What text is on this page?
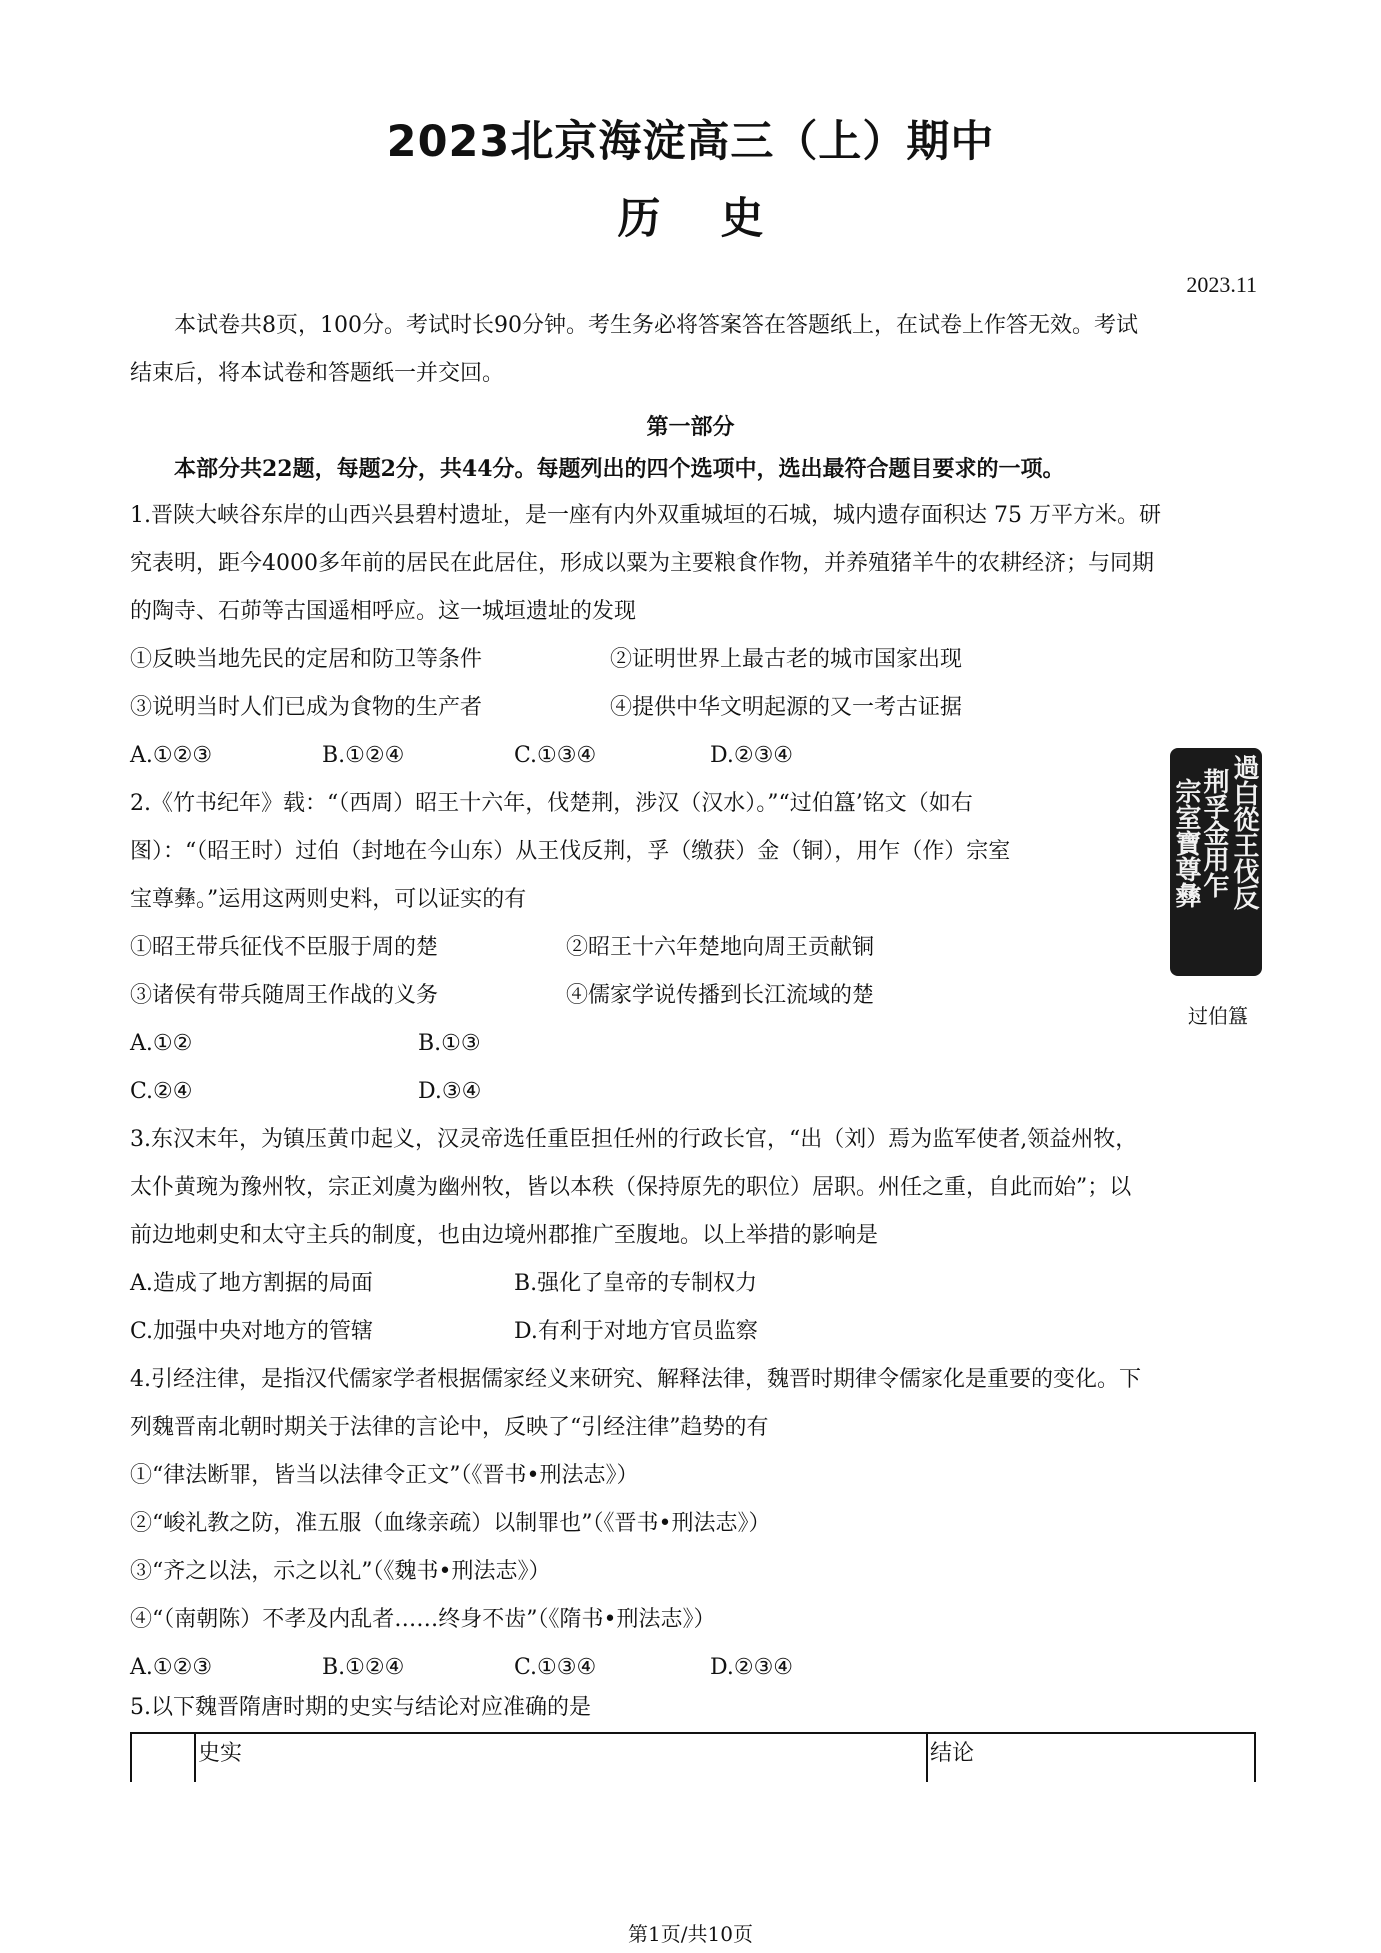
2023北京海淀高三（上）期中
历史
2023.11
本试卷共8页，100分。考试时长90分钟。考生务必将答案答在答题纸上，在试卷上作答无效。考试
结束后，将本试卷和答题纸一并交回。
第一部分
本部分共22题，每题2分，共44分。每题列出的四个选项中，选出最符合题目要求的一项。
1.晋陕大峡谷东岸的山西兴县碧村遗址，是一座有内外双重城垣的石城，城内遗存面积达 75 万平方米。研
究表明，距今4000多年前的居民在此居住，形成以粟为主要粮食作物，并养殖猪羊牛的农耕经济；与同期
的陶寺、石茆等古国遥相呼应。这一城垣遗址的发现
①反映当地先民的定居和防卫等条件	②证明世界上最古老的城市国家出现
③说明当时人们已成为食物的生产者	④提供中华文明起源的又一考古证据
A.①②③	B.①②④	C.①③④	D.②③④
2.《竹书纪年》载：“（西周）昭王十六年，伐楚荆，涉汉（汉水）。”“过伯簋’铭文（如右
图）：“（昭王时）过伯（封地在今山东）从王伐反荆，孚（缴获）金（铜），用乍（作）宗室
宝尊彝。”运用这两则史料，可以证实的有
①昭王带兵征伐不臣服于周的楚	②昭王十六年楚地向周王贡献铜
③诸侯有带兵随周王作战的义务	④儒家学说传播到长江流域的楚
A.①②	B.①③
C.②④	D.③④
過白從王伐反
荆孚金用乍
宗室寶尊彝
过伯簋
3.东汉末年，为镇压黄巾起义，汉灵帝选任重臣担任州的行政长官，“出（刘）焉为监军使者,领益州牧，
太仆黄琬为豫州牧，宗正刘虞为幽州牧，皆以本秩（保持原先的职位）居职。州任之重，自此而始”；以
前边地刺史和太守主兵的制度，也由边境州郡推广至腹地。以上举措的影响是
A.造成了地方割据的局面	B.强化了皇帝的专制权力
C.加强中央对地方的管辖	D.有利于对地方官员监察
4.引经注律，是指汉代儒家学者根据儒家经义来研究、解释法律，魏晋时期律令儒家化是重要的变化。下
列魏晋南北朝时期关于法律的言论中，反映了“引经注律”趋势的有
①“律法断罪，皆当以法律令正文”（《晋书•刑法志》）
②“峻礼教之防，准五服（血缘亲疏）以制罪也”（《晋书•刑法志》）
③“齐之以法，示之以礼”（《魏书•刑法志》）
④“（南朝陈）不孝及内乱者……终身不齿”（《隋书•刑法志》）
A.①②③	B.①②④	C.①③④	D.②③④
5.以下魏晋隋唐时期的史实与结论对应准确的是
	史实	结论
第1页/共10页
